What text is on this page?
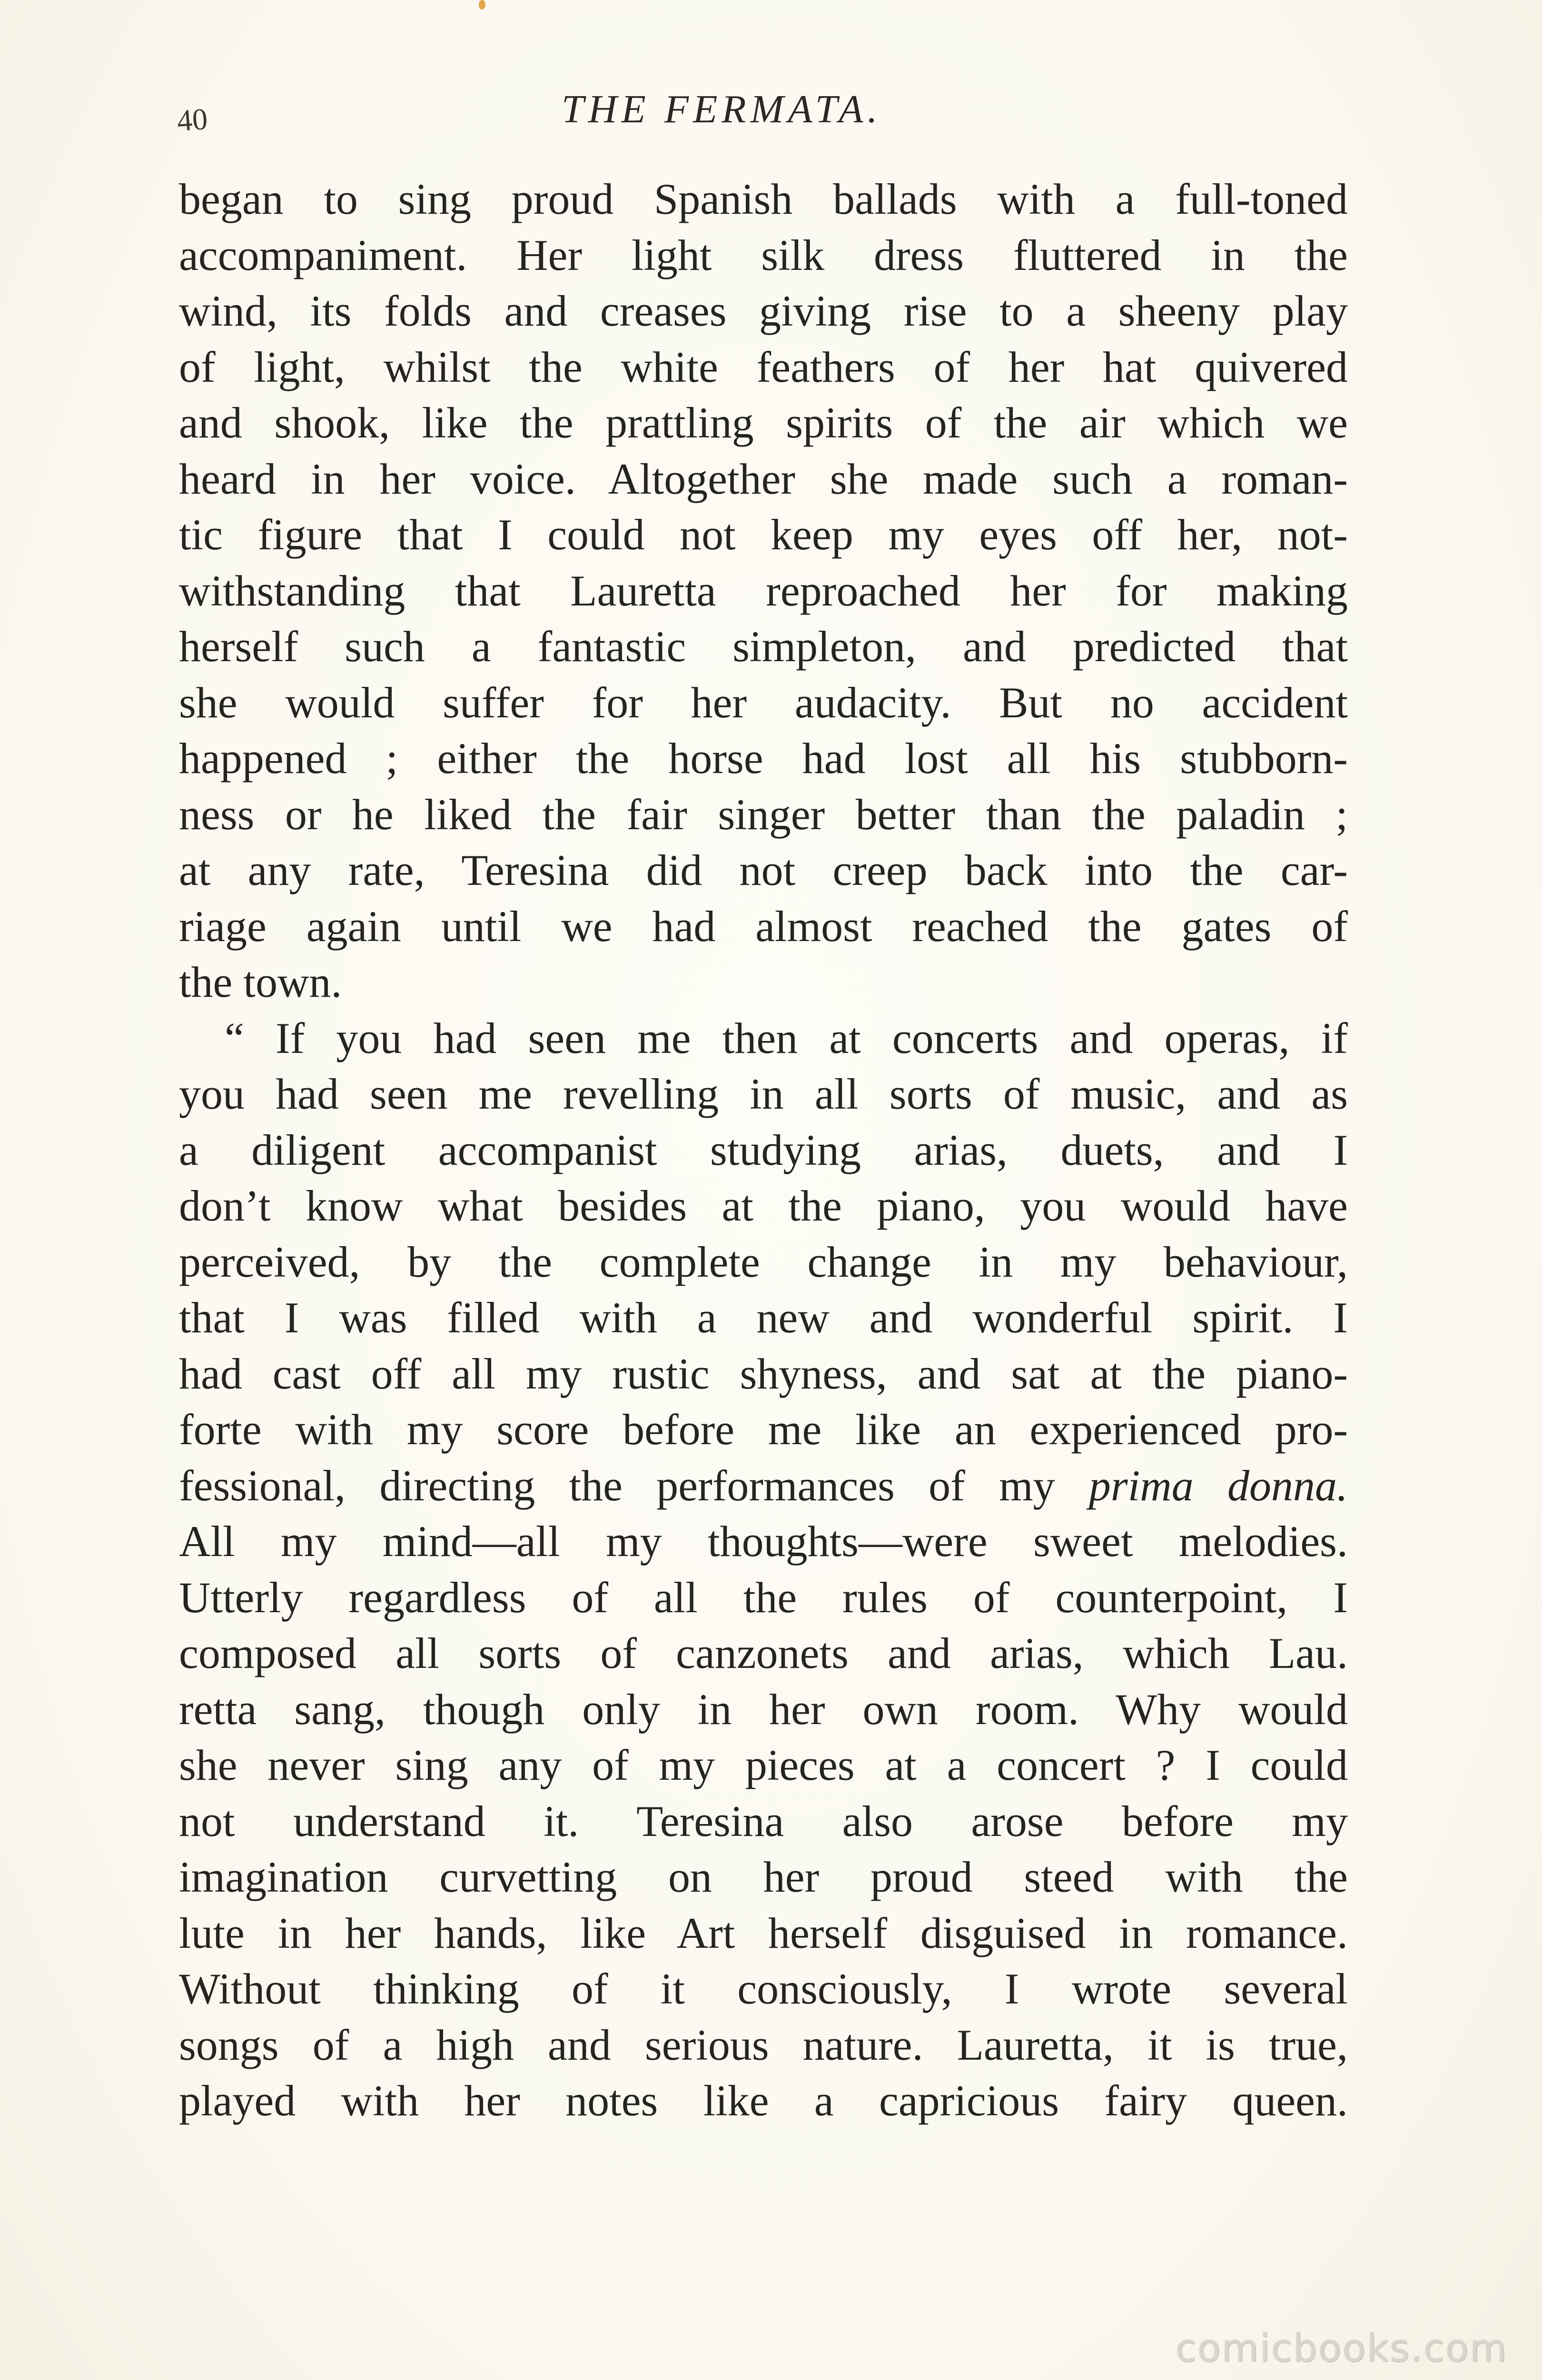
40	THE FERMATA.
began to sing proud Spanish ballads with a full-toned
accompaniment. Her light silk dress fluttered in the
wind, its folds and creases giving rise to a sheeny play
of light, whilst the white feathers of her hat quivered
and shook, like the prattling spirits of the air which we
heard in her voice. Altogether she made such a roman-
tic figure that I could not keep my eyes off her, not-
withstanding that Lauretta reproached her for making
herself such a fantastic simpleton, and predicted that
she would suffer for her audacity. But no accident
happened ; either the horse had lost all his stubborn-
ness or he liked the fair singer better than the paladin ;
at any rate, Teresina did not creep back into the car-
riage again until we had almost reached the gates of
the town.
“ If you had seen me then at concerts and operas, if
you had seen me revelling in all sorts of music, and as
a diligent accompanist studying arias, duets, and I
don’t know what besides at the piano, you would have
perceived, by the complete change in my behaviour,
that I was filled with a new and wonderful spirit. I
had cast off all my rustic shyness, and sat at the piano-
forte with my score before me like an experienced pro-
fessional, directing the performances of my prima donna.
All my mind—all my thoughts—were sweet melodies.
Utterly regardless of all the rules of counterpoint, I
composed all sorts of canzonets and arias, which Lau.
retta sang, though only in her own room. Why would
she never sing any of my pieces at a concert ? I could
not understand it. Teresina also arose before my
imagination curvetting on her proud steed with the
lute in her hands, like Art herself disguised in romance.
Without thinking of it consciously, I wrote several
songs of a high and serious nature. Lauretta, it is true,
played with her notes like a capricious fairy queen.
comicbooks.com
